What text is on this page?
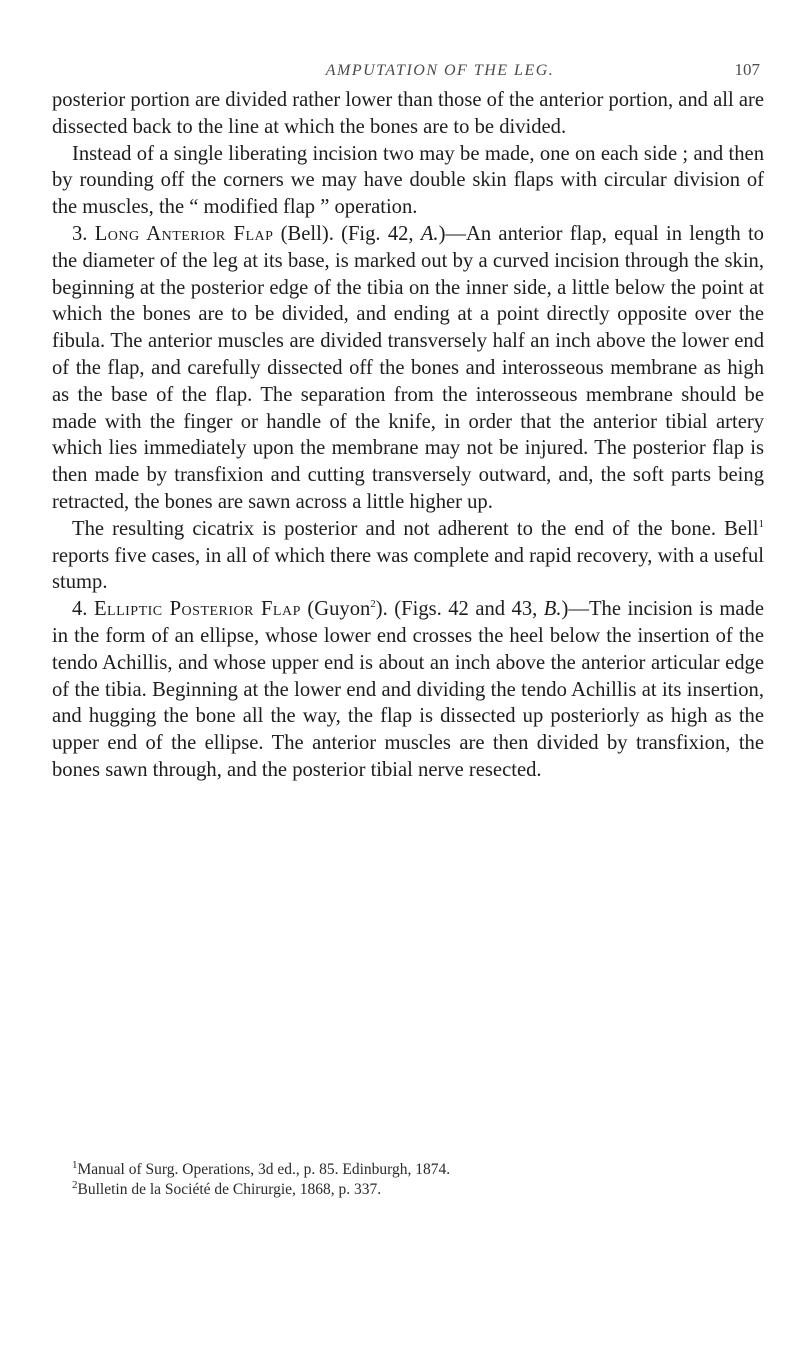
AMPUTATION OF THE LEG.	107

posterior portion are divided rather lower than those of the anterior portion, and all are dissected back to the line at which the bones are to be divided.

Instead of a single liberating incision two may be made, one on each side ; and then by rounding off the corners we may have double skin flaps with circular division of the muscles, the “ modified flap ” operation.

3. Long Anterior Flap (Bell). (Fig. 42, A.)—An anterior flap, equal in length to the diameter of the leg at its base, is marked out by a curved incision through the skin, beginning at the posterior edge of the tibia on the inner side, a little below the point at which the bones are to be divided, and ending at a point directly opposite over the fibula. The anterior muscles are divided transversely half an inch above the lower end of the flap, and carefully dissected off the bones and interosseous membrane as high as the base of the flap. The separation from the interosseous membrane should be made with the finger or handle of the knife, in order that the anterior tibial artery which lies immediately upon the membrane may not be injured. The posterior flap is then made by transfixion and cutting transversely outward, and, the soft parts being retracted, the bones are sawn across a little higher up.

The resulting cicatrix is posterior and not adherent to the end of the bone. Bell$^1$ reports five cases, in all of which there was complete and rapid recovery, with a useful stump.

4. Elliptic Posterior Flap (Guyon$^2$). (Figs. 42 and 43, B.)—The incision is made in the form of an ellipse, whose lower end crosses the heel below the insertion of the tendo Achillis, and whose upper end is about an inch above the anterior articular edge of the tibia. Beginning at the lower end and dividing the tendo Achillis at its insertion, and hugging the bone all the way, the flap is dissected up posteriorly as high as the upper end of the ellipse. The anterior muscles are then divided by transfixion, the bones sawn through, and the posterior tibial nerve resected.

$^1$Manual of Surg. Operations, 3d ed., p. 85. Edinburgh, 1874.
$^2$Bulletin de la Société de Chirurgie, 1868, p. 337.
